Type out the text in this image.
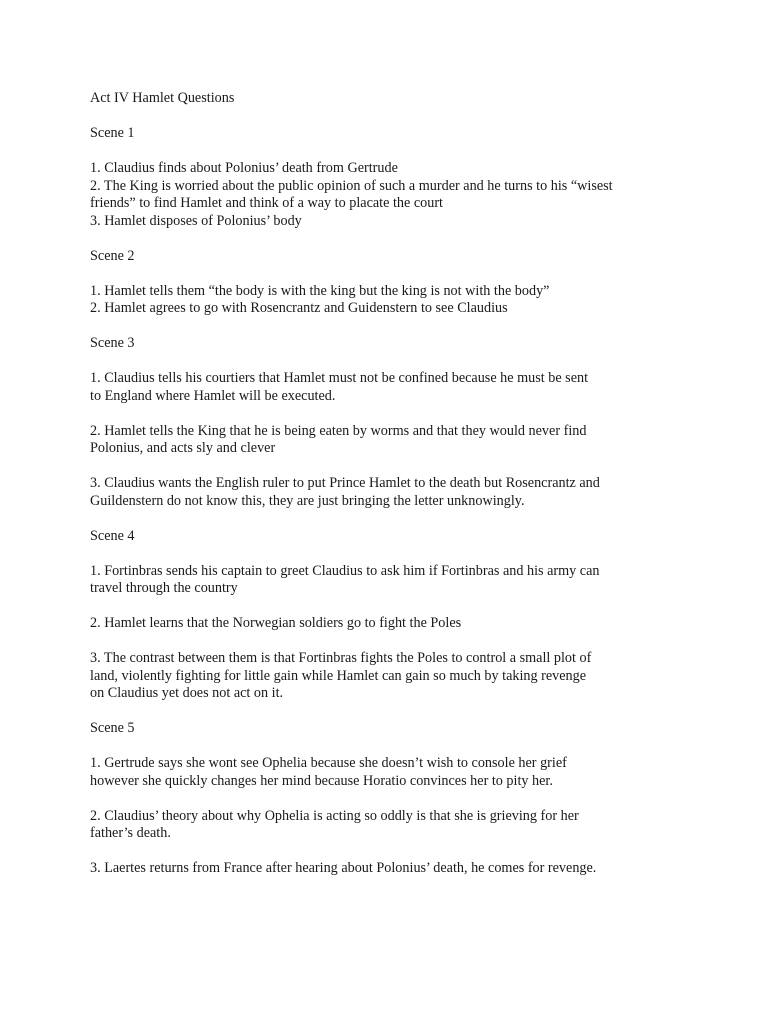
Act IV Hamlet Questions
Scene 1
1. Claudius finds about Polonius’ death from Gertrude
2. The King is worried about the public opinion of such a murder and he turns to his “wisest
friends” to find Hamlet and think of a way to placate the court
3. Hamlet disposes of Polonius’ body
Scene 2
1. Hamlet tells them “the body is with the king but the king is not with the body”
2. Hamlet agrees to go with Rosencrantz and Guidenstern to see Claudius
Scene 3
1. Claudius tells his courtiers that Hamlet must not be confined because he must be sent
to England where Hamlet will be executed.
2. Hamlet tells the King that he is being eaten by worms and that they would never find
Polonius, and acts sly and clever
3. Claudius wants the English ruler to put Prince Hamlet to the death but Rosencrantz and
Guildenstern do not know this, they are just bringing the letter unknowingly.
Scene 4
1. Fortinbras sends his captain to greet Claudius to ask him if Fortinbras and his army can
travel through the country
2. Hamlet learns that the Norwegian soldiers go to fight the Poles
3. The contrast between them is that Fortinbras fights the Poles to control a small plot of
land, violently fighting for little gain while Hamlet can gain so much by taking revenge
on Claudius yet does not act on it.
Scene 5
1. Gertrude says she wont see Ophelia because she doesn’t wish to console her grief
however she quickly changes her mind because Horatio convinces her to pity her.
2. Claudius’ theory about why Ophelia is acting so oddly is that she is grieving for her
father’s death.
3. Laertes returns from France after hearing about Polonius’ death, he comes for revenge.
